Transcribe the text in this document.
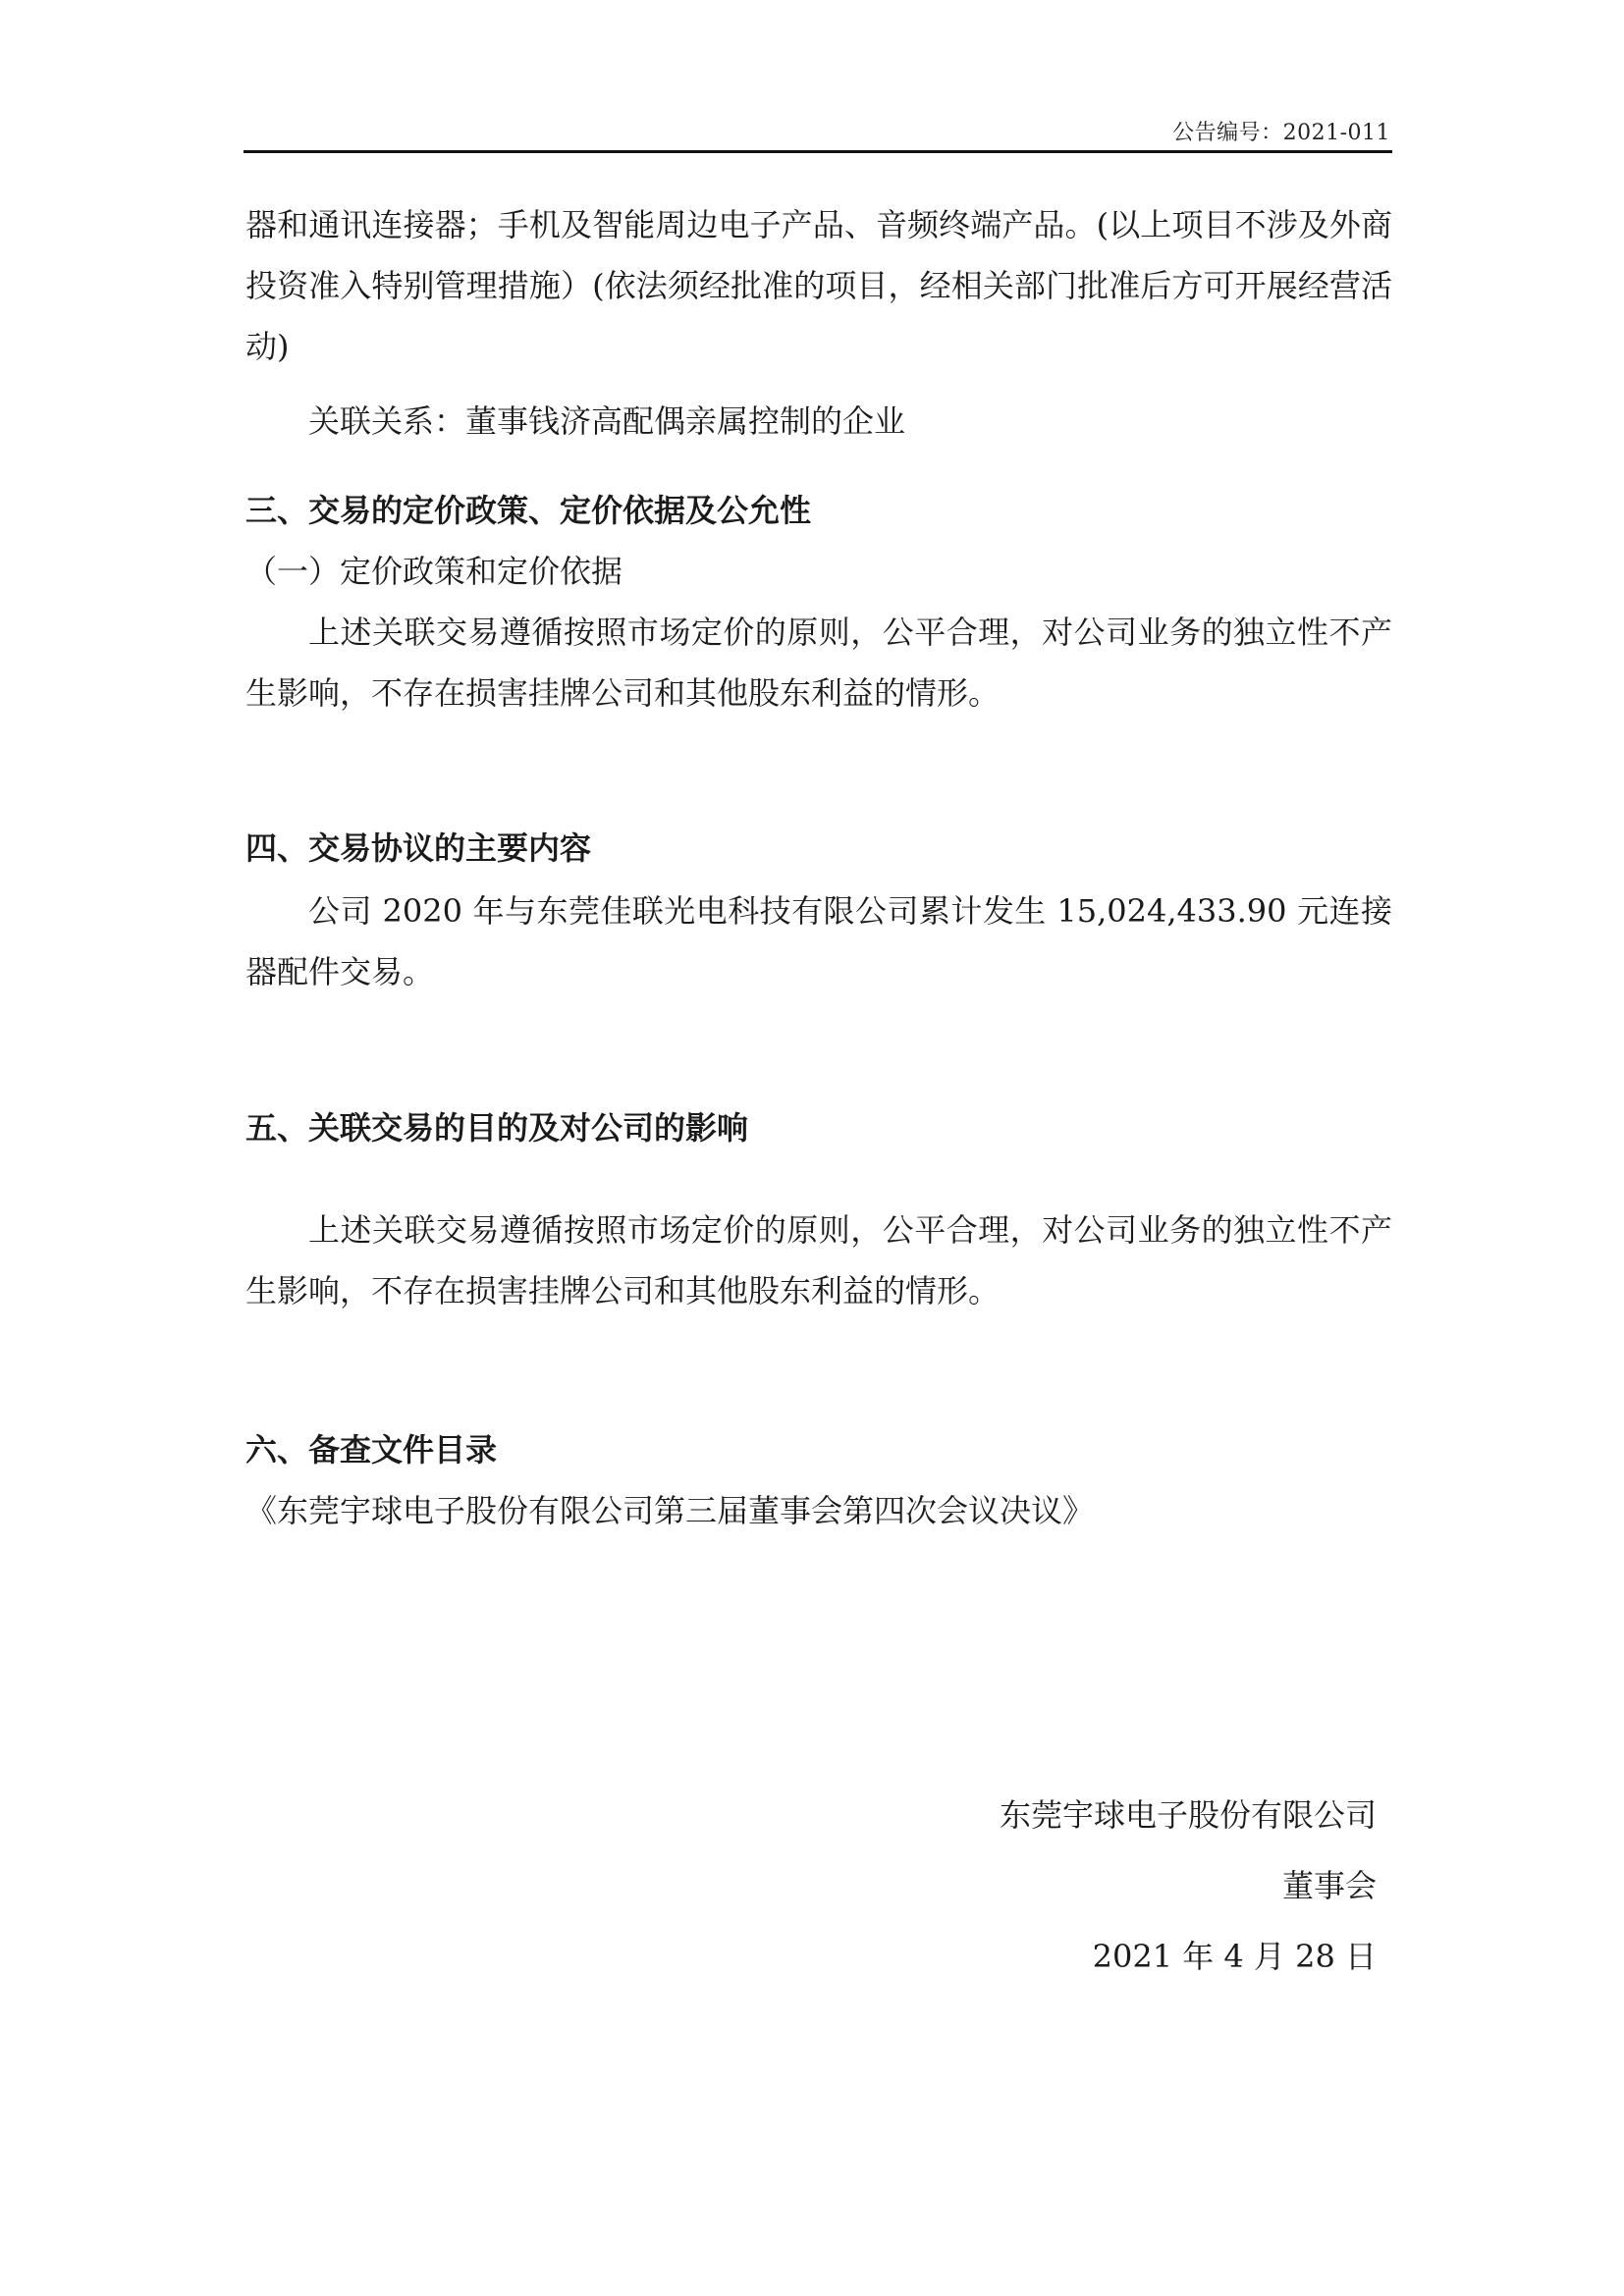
公告编号：2021-011

器和通讯连接器；手机及智能周边电子产品、音频终端产品。(以上项目不涉及外商投资准入特别管理措施）(依法须经批准的项目，经相关部门批准后方可开展经营活动)

关联关系：董事钱济高配偶亲属控制的企业

三、交易的定价政策、定价依据及公允性

（一）定价政策和定价依据

上述关联交易遵循按照市场定价的原则，公平合理，对公司业务的独立性不产生影响，不存在损害挂牌公司和其他股东利益的情形。

四、交易协议的主要内容

公司 2020 年与东莞佳联光电科技有限公司累计发生 15,024,433.90 元连接器配件交易。

五、关联交易的目的及对公司的影响

上述关联交易遵循按照市场定价的原则，公平合理，对公司业务的独立性不产生影响，不存在损害挂牌公司和其他股东利益的情形。

六、备查文件目录

《东莞宇球电子股份有限公司第三届董事会第四次会议决议》

东莞宇球电子股份有限公司

董事会

2021 年 4 月 28 日
